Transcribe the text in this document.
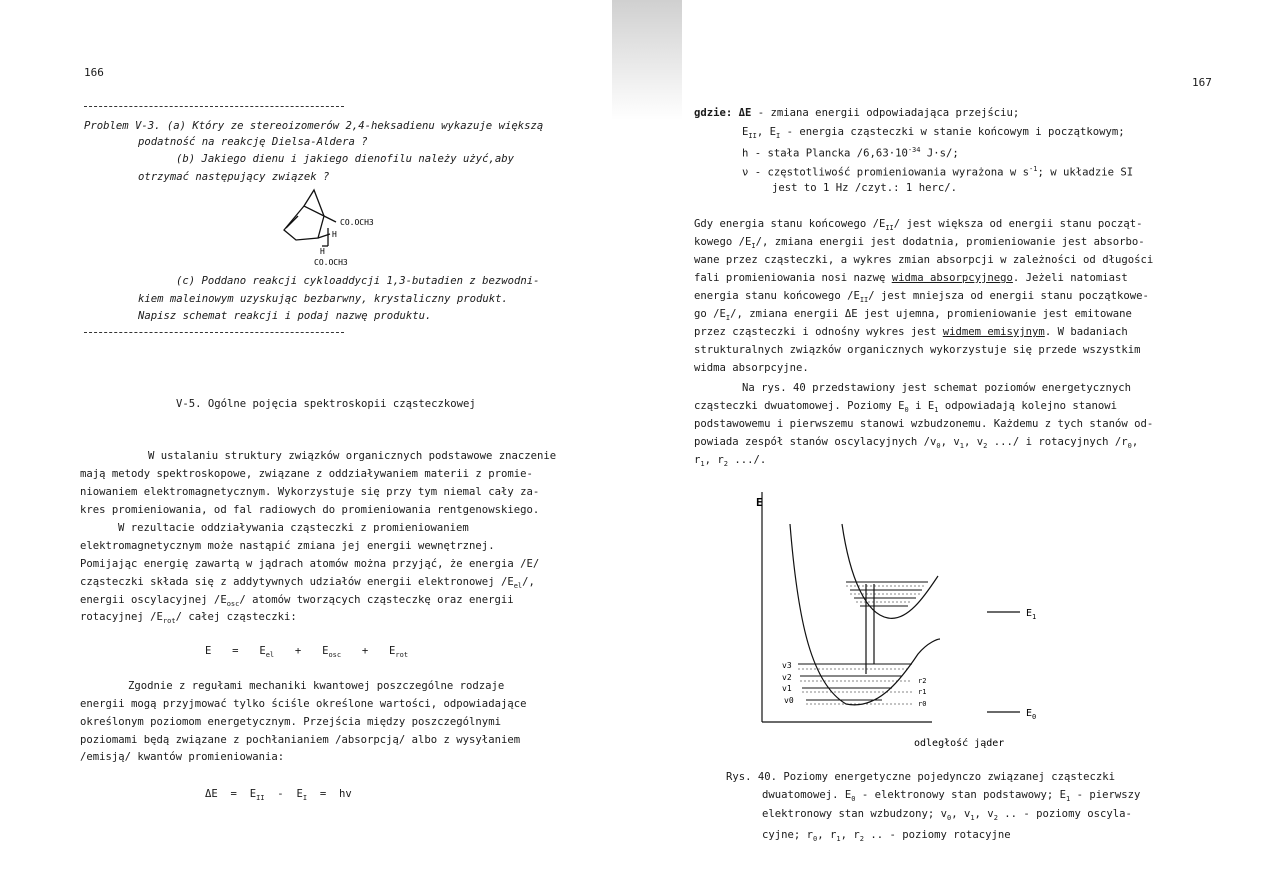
166
Problem V-3. (a) Który ze stereoizomerów 2,4-heksadienu wykazuje większą
podatność na reakcję Dielsa-Aldera ?
(b) Jakiego dienu i jakiego dienofilu należy użyć,aby
otrzymać następujący związek ?
CO.OCH3
H
H
CO.OCH3
(c) Poddano reakcji cykloaddycji 1,3-butadien z bezwodni-
kiem maleinowym uzyskując bezbarwny, krystaliczny produkt.
Napisz schemat reakcji i podaj nazwę produktu.
V-5. Ogólne pojęcia spektroskopii cząsteczkowej
W ustalaniu struktury związków organicznych podstawowe znaczenie
mają metody spektroskopowe, związane z oddziaływaniem materii z promie-
niowaniem elektromagnetycznym. Wykorzystuje się przy tym niemal cały za-
kres promieniowania, od fal radiowych do promieniowania rentgenowskiego.
W rezultacie oddziaływania cząsteczki z promieniowaniem
elektromagnetycznym może nastąpić zmiana jej energii wewnętrznej.
Pomijając energię zawartą w jądrach atomów można przyjąć, że energia /E/
cząsteczki składa się z addytywnych udziałów energii elektronowej $/E_{el}/$,
energii oscylacyjnej $/E_{osc}/$ atomów tworzących cząsteczkę oraz energii
rotacyjnej $/E_{rot}/$ całej cząsteczki:
$E = E_{el} + E_{osc} + E_{rot}$
Zgodnie z regułami mechaniki kwantowej poszczególne rodzaje
energii mogą przyjmować tylko ściśle określone wartości, odpowiadające
określonym poziomom energetycznym. Przejścia między poszczególnymi
poziomami będą związane z pochłanianiem /absorpcją/ albo z wysyłaniem
/emisją/ kwantów promieniowania:
$\Delta E = E_{II} - E_I$ = hv
167
gdzie: ΔE - zmiana energii odpowiadająca przejściu;
$E_{II}$, $E_I$ - energia cząsteczki w stanie końcowym i początkowym;
h - stała Plancka $/6,63\cdot 10^{-34}$ J·s/;
ν - częstotliwość promieniowania wyrażona w $s^{-1}$; w układzie SI
jest to 1 Hz /czyt.: 1 herc/.
Gdy energia stanu końcowego $/E_{II}/$ jest większa od energii stanu począt-
kowego $/E_I/$, zmiana energii jest dodatnia, promieniowanie jest absorbo-
wane przez cząsteczki, a wykres zmian absorpcji w zależności od długości
fali promieniowania nosi nazwę widma absorpcyjnego. Jeżeli natomiast
energia stanu końcowego $/E_{II}/$ jest mniejsza od energii stanu początkowe-
go $/E_I/$, zmiana energii ΔE jest ujemna, promieniowanie jest emitowane
przez cząsteczki i odnośny wykres jest widmem emisyjnym. W badaniach
strukturalnych związków organicznych wykorzystuje się przede wszystkim
widma absorpcyjne.
Na rys. 40 przedstawiony jest schemat poziomów energetycznych
cząsteczki dwuatomowej. Poziomy $E_0$ i $E_1$ odpowiadają kolejno stanowi
podstawowemu i pierwszemu stanowi wzbudzonemu. Każdemu z tych stanów od-
powiada zespół stanów oscylacyjnych $/v_0$, $v_1$, $v_2$ .../ i rotacyjnych $/r_0$,
$r_1$, $r_2$ .../.
E
$E_1$
$E_0$
v3
v2
v1
v0
r2
r1
r0
odległość jąder
Rys. 40. Poziomy energetyczne pojedynczo związanej cząsteczki
dwuatomowej. $E_0$ - elektronowy stan podstawowy; $E_1$ - pierwszy
elektronowy stan wzbudzony; $v_0$, $v_1$, $v_2$ .. - poziomy oscyla-
cyjne; $r_0$, $r_1$, $r_2$ .. - poziomy rotacyjne
